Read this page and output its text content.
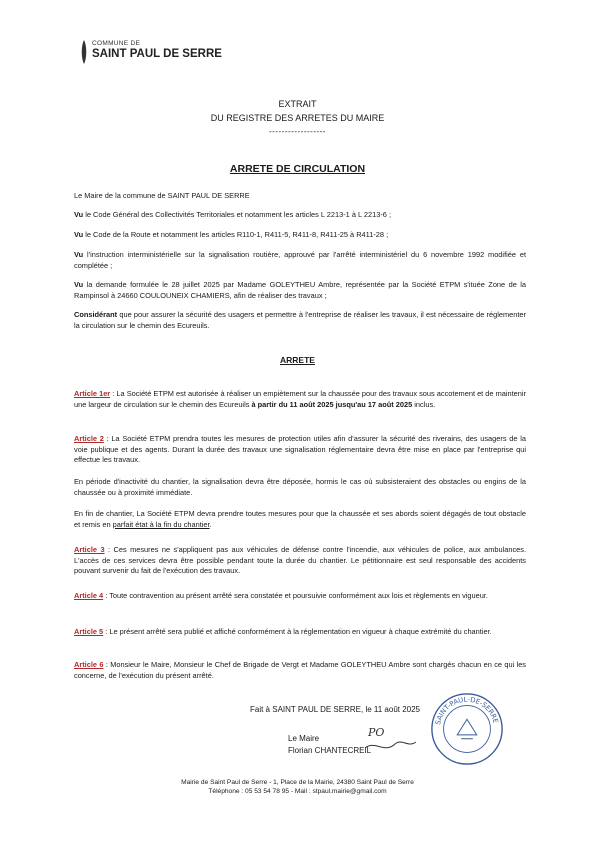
COMMUNE DE
SAINT PAUL DE SERRE
EXTRAIT
DU REGISTRE DES ARRETES DU MAIRE
------------------
ARRETE DE CIRCULATION
Le Maire de la commune de SAINT PAUL DE SERRE
Vu le Code Général des Collectivités Territoriales et notamment les articles L 2213-1 à L 2213-6 ;
Vu le Code de la Route et notamment les articles R110-1, R411-5, R411-8, R411-25 à R411-28 ;
Vu l'instruction interministérielle sur la signalisation routière, approuvé par l'arrêté interministériel du 6 novembre 1992 modifiée et complétée ;
Vu la demande formulée le 28 juillet 2025 par Madame GOLEYTHEU Ambre, représentée par la Société ETPM s'ituée Zone de la Rampinsol à 24660 COULOUNEIX CHAMIERS, afin de réaliser des travaux ;
Considérant que pour assurer la sécurité des usagers et permettre à l'entreprise de réaliser les travaux, il est nécessaire de réglementer la circulation sur le chemin des Ecureuils.
ARRETE
Article 1er : La Société ETPM est autorisée à réaliser un empiètement sur la chaussée pour des travaux sous accotement et de maintenir une largeur de circulation sur le chemin des Ecureuils à partir du 11 août 2025 jusqu'au 17 août 2025 inclus.
Article 2 : La Société ETPM prendra toutes les mesures de protection utiles afin d'assurer la sécurité des riverains, des usagers de la voie publique et des agents. Durant la durée des travaux une signalisation réglementaire devra être mise en place par l'entreprise qui effectue les travaux.
En période d'inactivité du chantier, la signalisation devra être déposée, hormis le cas où subsisteraient des obstacles ou engins de la chaussée ou à proximité immédiate.
En fin de chantier, La Société ETPM devra prendre toutes mesures pour que la chaussée et ses abords soient dégagés de tout obstacle et remis en parfait état à la fin du chantier.
Article 3 : Ces mesures ne s'appliquent pas aux véhicules de défense contre l'incendie, aux véhicules de police, aux ambulances. L'accès de ces services devra être possible pendant toute la durée du chantier. Le pétitionnaire est seul responsable des accidents pouvant survenir du fait de l'exécution des travaux.
Article 4 : Toute contravention au présent arrêté sera constatée et poursuivie conformément aux lois et règlements en vigueur.
Article 5 : Le présent arrêté sera publié et affiché conformément à la réglementation en vigueur à chaque extrémité du chantier.
Article 6 : Monsieur le Maire, Monsieur le Chef de Brigade de Vergt et Madame GOLEYTHEU Ambre sont chargés chacun en ce qui les concerne, de l'exécution du présent arrêté.
Fait à SAINT PAUL DE SERRE, le 11 août 2025
Le Maire
Florian CHANTECREIL
PO
SAINT-PAUL-DE-SERRE
Mairie de Saint Paul de Serre - 1, Place de la Mairie, 24380 Saint Paul de Serre
Téléphone : 05 53 54 78 95 - Mail : stpaul.mairie@gmail.com
